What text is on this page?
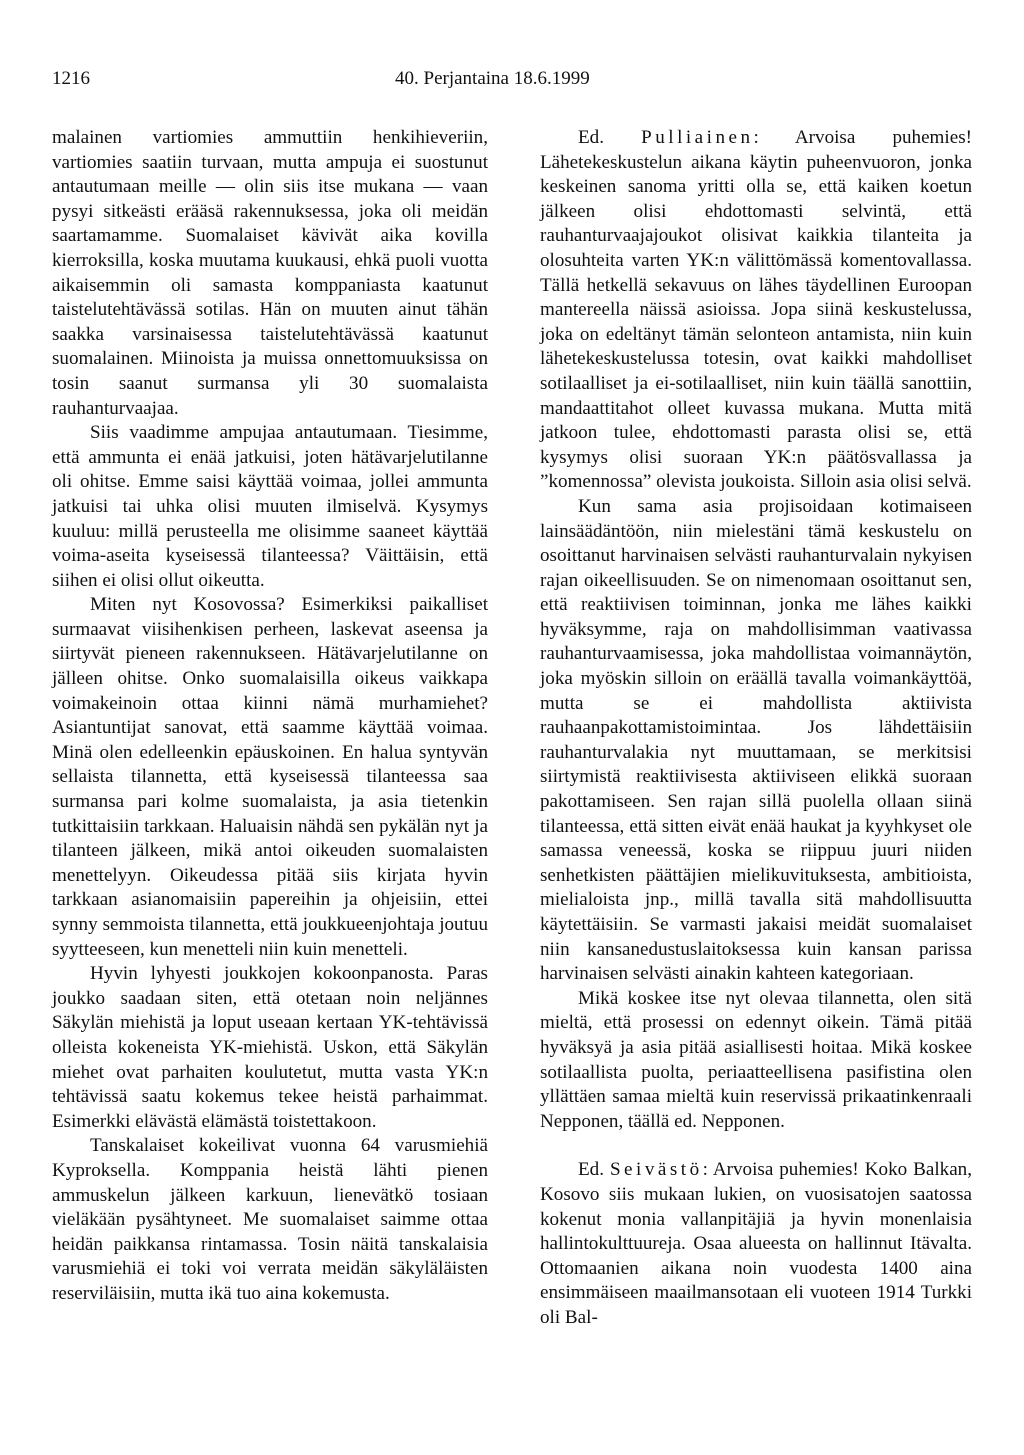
1216	40. Perjantaina 18.6.1999

malainen vartiomies ammuttiin henkihieveriin, vartiomies saatiin turvaan, mutta ampuja ei suostunut antautumaan meille — olin siis itse mukana — vaan pysyi sitkeästi erääsä rakennuksessa, joka oli meidän saartamamme. Suomalaiset kävivät aika kovilla kierroksilla, koska muutama kuukausi, ehkä puoli vuotta aikaisemmin oli samasta komppaniasta kaatunut taistelutehtävässä sotilas. Hän on muuten ainut tähän saakka varsinaisessa taistelutehtävässä kaatunut suomalainen. Miinoista ja muissa onnettomuuksissa on tosin saanut surmansa yli 30 suomalaista rauhanturvaajaa.

Siis vaadimme ampujaa antautumaan. Tiesimme, että ammunta ei enää jatkuisi, joten hätävarjelutilanne oli ohitse. Emme saisi käyttää voimaa, jollei ammunta jatkuisi tai uhka olisi muuten ilmiselvä. Kysymys kuuluu: millä perusteella me olisimme saaneet käyttää voima-aseita kyseisessä tilanteessa? Väittäisin, että siihen ei olisi ollut oikeutta.

Miten nyt Kosovossa? Esimerkiksi paikalliset surmaavat viisihenkisen perheen, laskevat aseensa ja siirtyvät pieneen rakennukseen. Hätävarjelutilanne on jälleen ohitse. Onko suomalaisilla oikeus vaikkapa voimakeinoin ottaa kiinni nämä murhamiehet? Asiantuntijat sanovat, että saamme käyttää voimaa. Minä olen edelleenkin epäuskoinen. En halua syntyvän sellaista tilannetta, että kyseisessä tilanteessa saa surmansa pari kolme suomalaista, ja asia tietenkin tutkittaisiin tarkkaan. Haluaisin nähdä sen pykälän nyt ja tilanteen jälkeen, mikä antoi oikeuden suomalaisten menettelyyn. Oikeudessa pitää siis kirjata hyvin tarkkaan asianomaisiin papereihin ja ohjeisiin, ettei synny semmoista tilannetta, että joukkueenjohtaja joutuu syytteeseen, kun menetteli niin kuin menetteli.

Hyvin lyhyesti joukkojen kokoonpanosta. Paras joukko saadaan siten, että otetaan noin neljännes Säkylän miehistä ja loput useaan kertaan YK-tehtävissä olleista kokeneista YK-miehistä. Uskon, että Säkylän miehet ovat parhaiten koulutetut, mutta vasta YK:n tehtävissä saatu kokemus tekee heistä parhaimmat. Esimerkki elävästä elämästä toistettakoon.

Tanskalaiset kokeilivat vuonna 64 varusmiehiä Kyproksella. Komppania heistä lähti pienen ammuskelun jälkeen karkuun, lienevätkö tosiaan vieläkään pysähtyneet. Me suomalaiset saimme ottaa heidän paikkansa rintamassa. Tosin näitä tanskalaisia varusmiehiä ei toki voi verrata meidän säkyläläisten reserviläisiin, mutta ikä tuo aina kokemusta.

Ed. Pulliainen: Arvoisa puhemies! Lähetekeskustelun aikana käytin puheenvuoron, jonka keskeinen sanoma yritti olla se, että kaiken koetun jälkeen olisi ehdottomasti selvintä, että rauhanturvaajajoukot olisivat kaikkia tilanteita ja olosuhteita varten YK:n välittömässä komentovallassa. Tällä hetkellä sekavuus on lähes täydellinen Euroopan mantereella näissä asioissa. Jopa siinä keskustelussa, joka on edeltänyt tämän selonteon antamista, niin kuin lähetekeskustelussa totesin, ovat kaikki mahdolliset sotilaalliset ja ei-sotilaalliset, niin kuin täällä sanottiin, mandaattitahot olleet kuvassa mukana. Mutta mitä jatkoon tulee, ehdottomasti parasta olisi se, että kysymys olisi suoraan YK:n päätösvallassa ja ”komennossa” olevista joukoista. Silloin asia olisi selvä.

Kun sama asia projisoidaan kotimaiseen lainsäädäntöön, niin mielestäni tämä keskustelu on osoittanut harvinaisen selvästi rauhanturvalain nykyisen rajan oikeellisuuden. Se on nimenomaan osoittanut sen, että reaktiivisen toiminnan, jonka me lähes kaikki hyväksymme, raja on mahdollisimman vaativassa rauhanturvaamisessa, joka mahdollistaa voimannäytön, joka myöskin silloin on eräällä tavalla voimankäyttöä, mutta se ei mahdollista aktiivista rauhaanpakottamistoimintaa. Jos lähdettäisiin rauhanturvalakia nyt muuttamaan, se merkitsisi siirtymistä reaktiivisesta aktiiviseen elikkä suoraan pakottamiseen. Sen rajan sillä puolella ollaan siinä tilanteessa, että sitten eivät enää haukat ja kyyhkyset ole samassa veneessä, koska se riippuu juuri niiden senhetkisten päättäjien mielikuvituksesta, ambitioista, mielialoista jnp., millä tavalla sitä mahdollisuutta käytettäisiin. Se varmasti jakaisi meidät suomalaiset niin kansanedustuslaitoksessa kuin kansan parissa harvinaisen selvästi ainakin kahteen kategoriaan.

Mikä koskee itse nyt olevaa tilannetta, olen sitä mieltä, että prosessi on edennyt oikein. Tämä pitää hyväksyä ja asia pitää asiallisesti hoitaa. Mikä koskee sotilaallista puolta, periaatteellisena pasifistina olen yllättäen samaa mieltä kuin reservissä prikaatinkenraali Nepponen, täällä ed. Nepponen.

Ed. Seivästö: Arvoisa puhemies! Koko Balkan, Kosovo siis mukaan lukien, on vuosisatojen saatossa kokenut monia vallanpitäjiä ja hyvin monenlaisia hallintokulttuureja. Osaa alueesta on hallinnut Itävalta. Ottomaanien aikana noin vuodesta 1400 aina ensimmäiseen maailmansotaan eli vuoteen 1914 Turkki oli Bal-
